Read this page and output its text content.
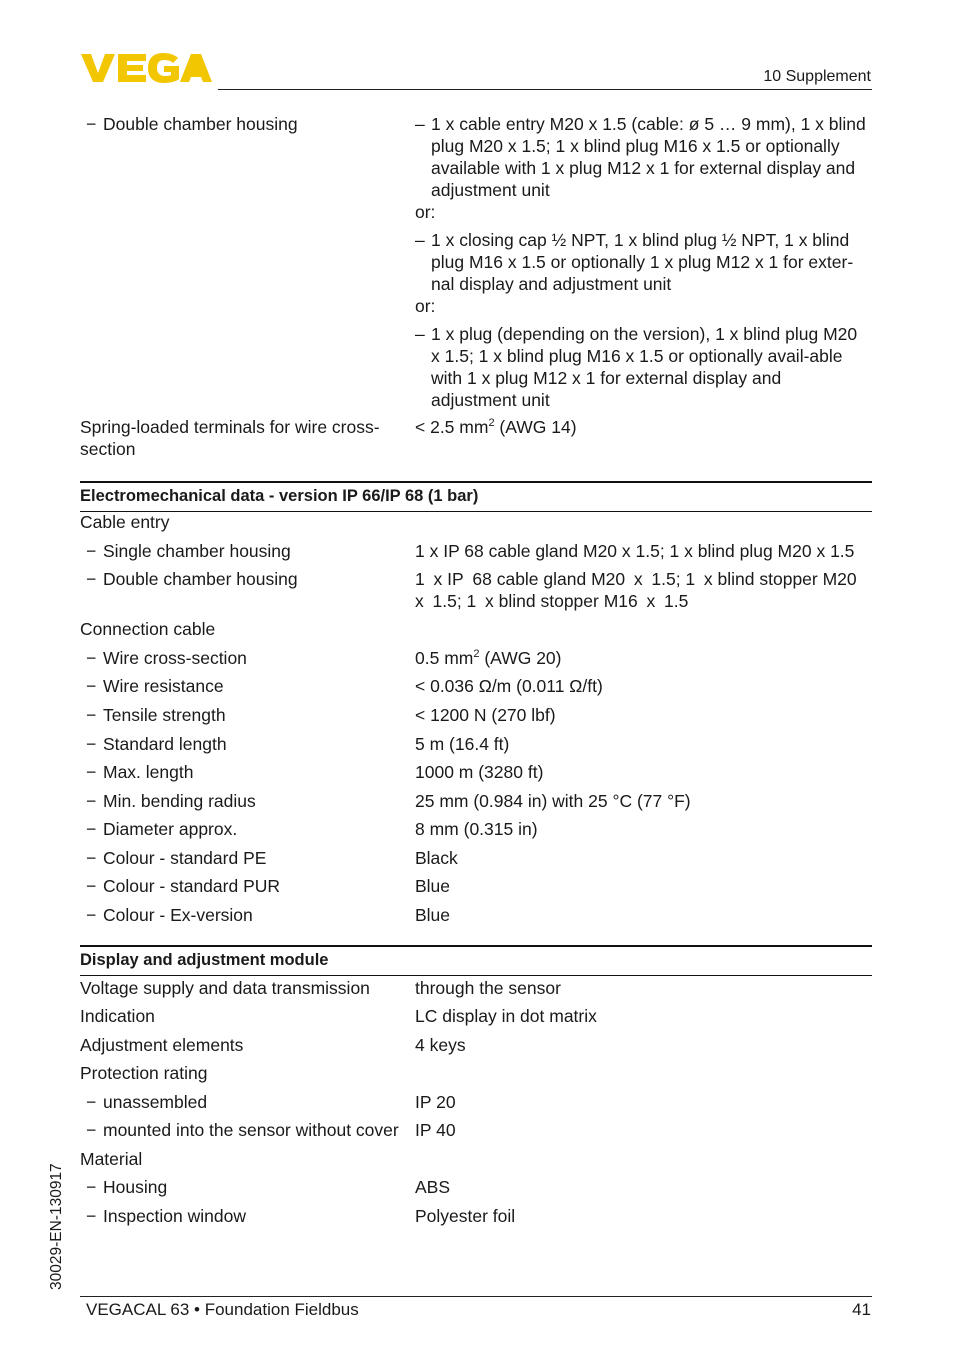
10 Supplement
− Double chamber housing
–	1 x cable entry M20 x 1.5 (cable: ø 5 … 9 mm), 1 x blind plug M20 x 1.5; 1 x blind plug M16 x 1.5 or optionally available with 1 x plug M12 x 1 for external display and adjustment unit
or:
– 1 x closing cap ½ NPT, 1 x blind plug ½ NPT, 1 x blind plug M16 x 1.5 or optionally 1 x plug M12 x 1 for exter-nal display and adjustment unit
or:
– 1 x plug (depending on the version), 1 x blind plug M20 x 1.5; 1 x blind plug M16 x 1.5 or optionally avail-able with 1 x plug M12 x 1 for external display and adjustment unit
Spring-loaded terminals for wire cross-section
< 2.5 $mm^2$ (AWG 14)
Electromechanical data - version IP 66/IP 68 (1 bar)
Cable entry
− Single chamber housing	1 x IP 68 cable gland M20 x 1.5; 1 x blind plug M20 x 1.5
− Double chamber housing	1 x IP 68 cable gland M20 x 1.5; 1 x blind stopper M20 x 1.5; 1 x blind stopper M16 x 1.5
Connection cable
− Wire cross-section	0.5 $mm^2$ (AWG 20)
− Wire resistance	< 0.036 Ω/m (0.011 Ω/ft)
− Tensile strength	< 1200 N (270 lbf)
− Standard length	5 m (16.4 ft)
− Max. length	1000 m (3280 ft)
− Min. bending radius	25 mm (0.984 in) with 25 °C (77 °F)
− Diameter approx.	8 mm (0.315 in)
− Colour - standard PE	Black
− Colour - standard PUR	Blue
− Colour - Ex-version	Blue
Display and adjustment module
Voltage supply and data transmission	through the sensor
Indication	LC display in dot matrix
Adjustment elements	4 keys
Protection rating
− unassembled	IP 20
− mounted into the sensor without cover IP 40
Material
− Housing	ABS
− Inspection window	Polyester foil
30029-EN-130917
VEGACAL 63 • Foundation Fieldbus	41
